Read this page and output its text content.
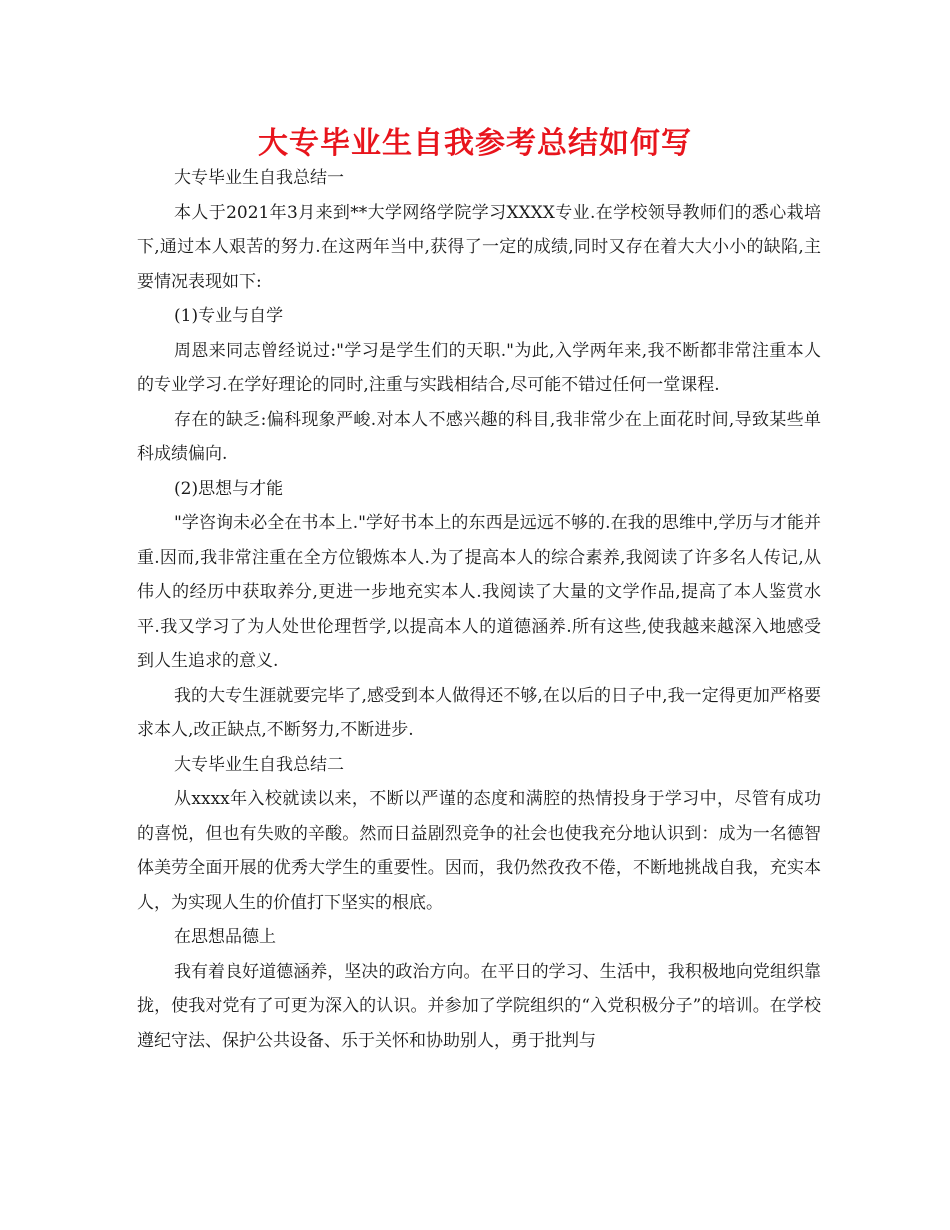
大专毕业生自我参考总结如何写

大专毕业生自我总结一

本人于2021年3月来到**大学网络学院学习XXXX专业.在学校领导教师们的悉心栽培下,通过本人艰苦的努力.在这两年当中,获得了一定的成绩,同时又存在着大大小小的缺陷,主要情况表现如下:

(1)专业与自学

周恩来同志曾经说过:"学习是学生们的天职."为此,入学两年来,我不断都非常注重本人的专业学习.在学好理论的同时,注重与实践相结合,尽可能不错过任何一堂课程.

存在的缺乏:偏科现象严峻.对本人不感兴趣的科目,我非常少在上面花时间,导致某些单科成绩偏向.

(2)思想与才能

"学咨询未必全在书本上."学好书本上的东西是远远不够的.在我的思维中,学历与才能并重.因而,我非常注重在全方位锻炼本人.为了提高本人的综合素养,我阅读了许多名人传记,从伟人的经历中获取养分,更进一步地充实本人.我阅读了大量的文学作品,提高了本人鉴赏水平.我又学习了为人处世伦理哲学,以提高本人的道德涵养.所有这些,使我越来越深入地感受到人生追求的意义.

我的大专生涯就要完毕了,感受到本人做得还不够,在以后的日子中,我一定得更加严格要求本人,改正缺点,不断努力,不断进步.

大专毕业生自我总结二

从xxxx年入校就读以来，不断以严谨的态度和满腔的热情投身于学习中，尽管有成功的喜悦，但也有失败的辛酸。然而日益剧烈竞争的社会也使我充分地认识到：成为一名德智体美劳全面开展的优秀大学生的重要性。因而，我仍然孜孜不倦，不断地挑战自我，充实本人，为实现人生的价值打下坚实的根底。

在思想品德上

我有着良好道德涵养，坚决的政治方向。在平日的学习、生活中，我积极地向党组织靠拢，使我对党有了可更为深入的认识。并参加了学院组织的“入党积极分子”的培训。在学校遵纪守法、保护公共设备、乐于关怀和协助别人，勇于批判与
